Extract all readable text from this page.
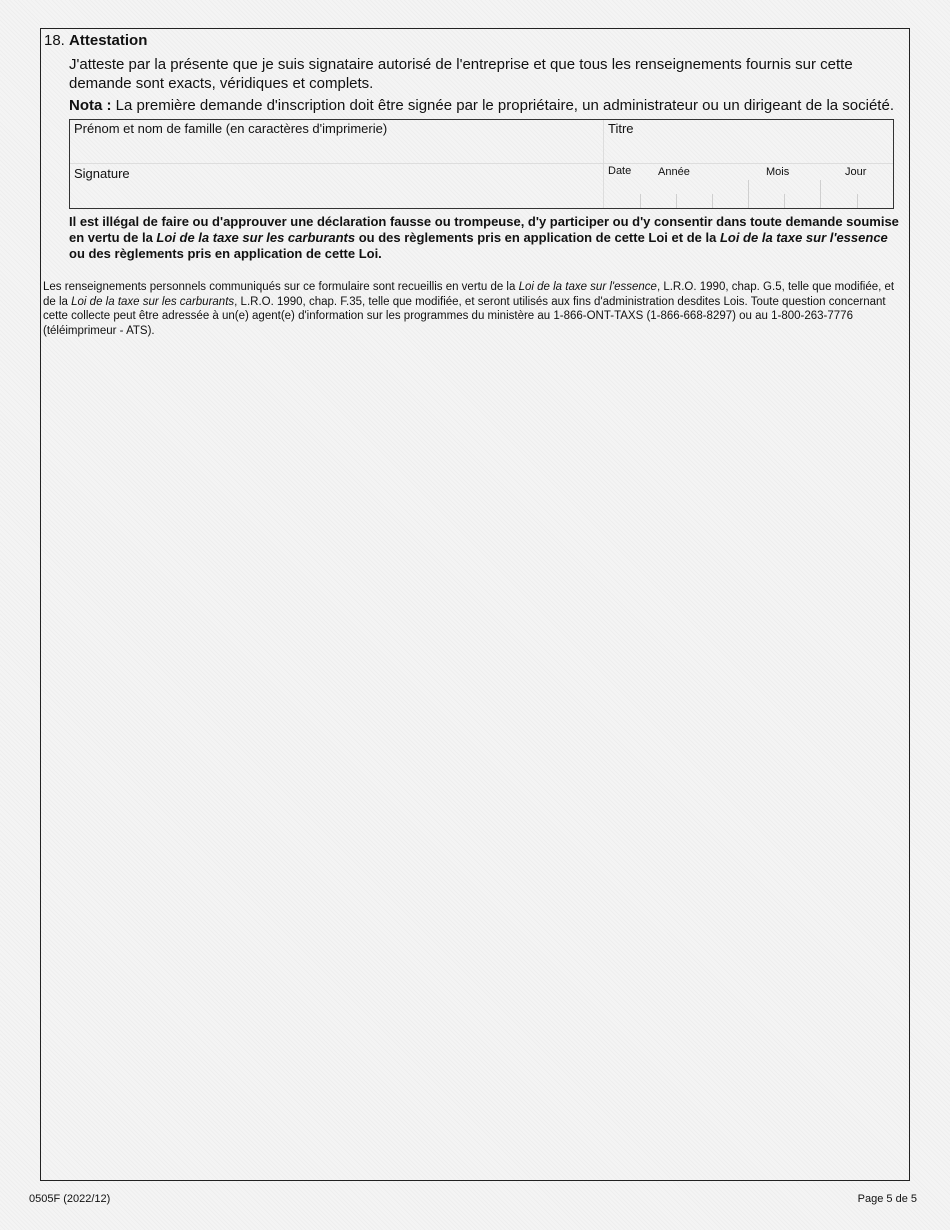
18. Attestation
J'atteste par la présente que je suis signataire autorisé de l'entreprise et que tous les renseignements fournis sur cette demande sont exacts, véridiques et complets.
Nota : La première demande d'inscription doit être signée par le propriétaire, un administrateur ou un dirigeant de la société.
Prénom et nom de famille (en caractères d'imprimerie)	Titre
Signature	Date Année	Mois	Jour
Il est illégal de faire ou d'approuver une déclaration fausse ou trompeuse, d'y participer ou d'y consentir dans toute demande soumise en vertu de la Loi de la taxe sur les carburants ou des règlements pris en application de cette Loi et de la Loi de la taxe sur l'essence ou des règlements pris en application de cette Loi.
Les renseignements personnels communiqués sur ce formulaire sont recueillis en vertu de la Loi de la taxe sur l'essence, L.R.O. 1990, chap. G.5, telle que modifiée, et de la Loi de la taxe sur les carburants, L.R.O. 1990, chap. F.35, telle que modifiée, et seront utilisés aux fins d'administration desdites Lois. Toute question concernant cette collecte peut être adressée à un(e) agent(e) d'information sur les programmes du ministère au 1-866-ONT-TAXS (1-866-668-8297) ou au 1-800-263-7776 (téléimprimeur - ATS).
0505F (2022/12)	Page 5 de 5
